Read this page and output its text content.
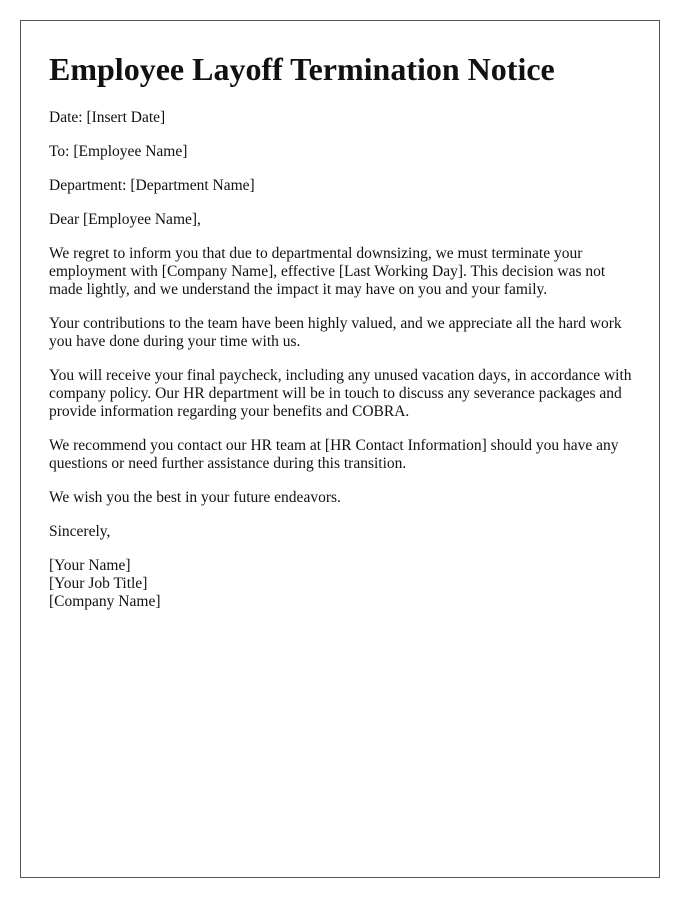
Employee Layoff Termination Notice

Date: [Insert Date]

To: [Employee Name]

Department: [Department Name]

Dear [Employee Name],

We regret to inform you that due to departmental downsizing, we must terminate your employment with [Company Name], effective [Last Working Day]. This decision was not made lightly, and we understand the impact it may have on you and your family.

Your contributions to the team have been highly valued, and we appreciate all the hard work you have done during your time with us.

You will receive your final paycheck, including any unused vacation days, in accordance with company policy. Our HR department will be in touch to discuss any severance packages and provide information regarding your benefits and COBRA.

We recommend you contact our HR team at [HR Contact Information] should you have any questions or need further assistance during this transition.

We wish you the best in your future endeavors.

Sincerely,

[Your Name]
[Your Job Title]
[Company Name]
